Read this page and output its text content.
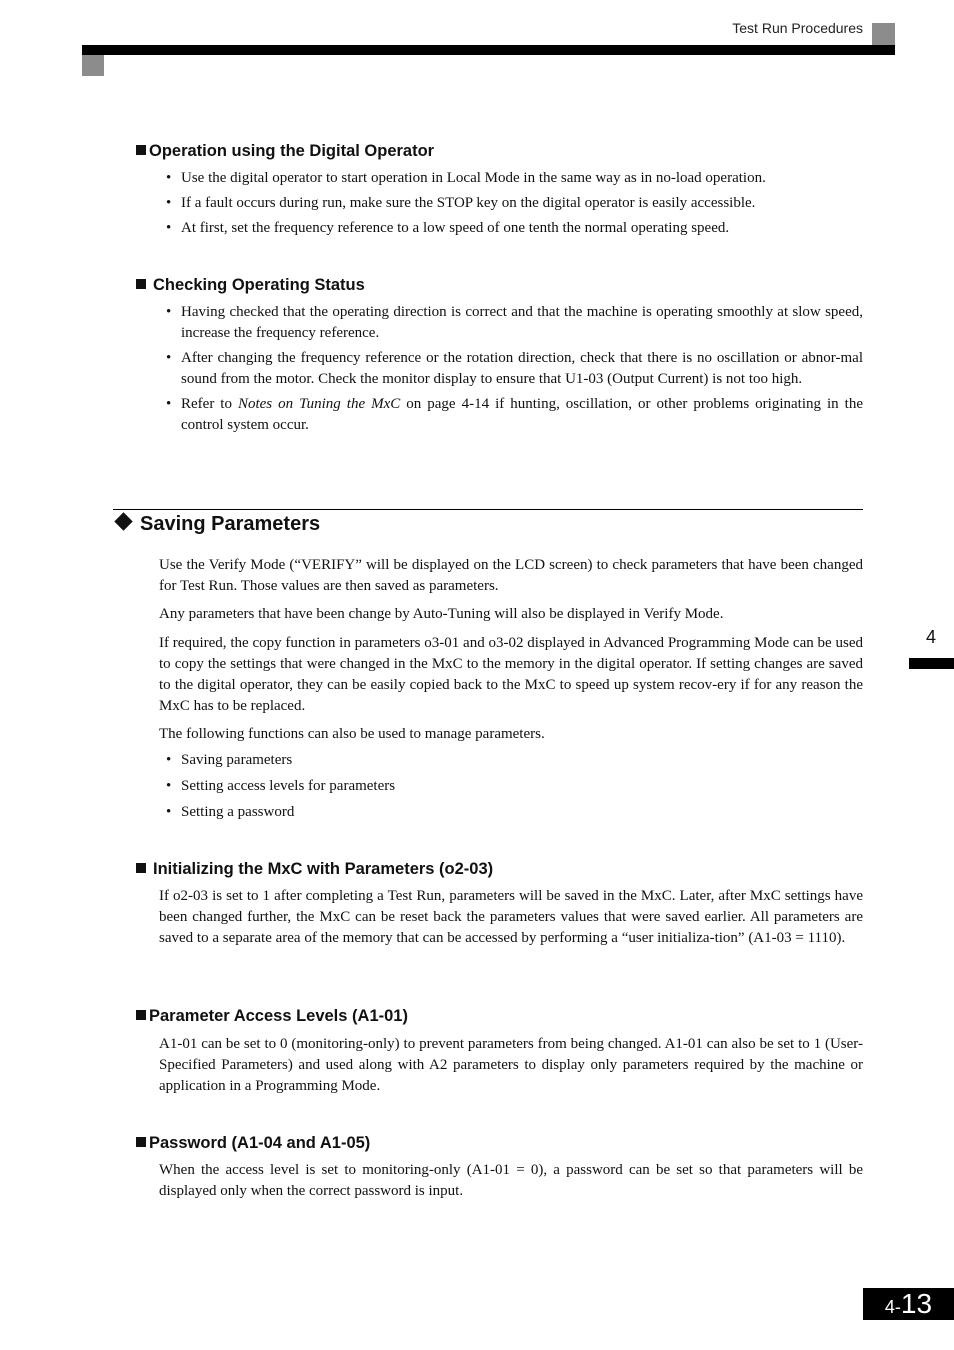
Test Run Procedures
Operation using the Digital Operator
• Use the digital operator to start operation in Local Mode in the same way as in no-load operation.
• If a fault occurs during run, make sure the STOP key on the digital operator is easily accessible.
• At first, set the frequency reference to a low speed of one tenth the normal operating speed.
Checking Operating Status
• Having checked that the operating direction is correct and that the machine is operating smoothly at slow speed, increase the frequency reference.
• After changing the frequency reference or the rotation direction, check that there is no oscillation or abnor-mal sound from the motor. Check the monitor display to ensure that U1-03 (Output Current) is not too high.
• Refer to Notes on Tuning the MxC on page 4-14 if hunting, oscillation, or other problems originating in the control system occur.
Saving Parameters

Use the Verify Mode (“VERIFY” will be displayed on the LCD screen) to check parameters that have been changed for Test Run. Those values are then saved as parameters.

Any parameters that have been change by Auto-Tuning will also be displayed in Verify Mode.

If required, the copy function in parameters o3-01 and o3-02 displayed in Advanced Programming Mode can be used to copy the settings that were changed in the MxC to the memory in the digital operator. If setting changes are saved to the digital operator, they can be easily copied back to the MxC to speed up system recov-ery if for any reason the MxC has to be replaced.

The following functions can also be used to manage parameters.

• Saving parameters
• Setting access levels for parameters
• Setting a password
Initializing the MxC with Parameters (o2-03)

If o2-03 is set to 1 after completing a Test Run, parameters will be saved in the MxC. Later, after MxC settings have been changed further, the MxC can be reset back the parameters values that were saved earlier. All parameters are saved to a separate area of the memory that can be accessed by performing a “user initializa-tion” (A1-03 = 1110).

Parameter Access Levels (A1-01)

A1-01 can be set to 0 (monitoring-only) to prevent parameters from being changed. A1-01 can also be set to 1 (User-Specified Parameters) and used along with A2 parameters to display only parameters required by the machine or application in a Programming Mode.

Password (A1-04 and A1-05)

When the access level is set to monitoring-only (A1-01 = 0), a password can be set so that parameters will be displayed only when the correct password is input.

4
4-13
